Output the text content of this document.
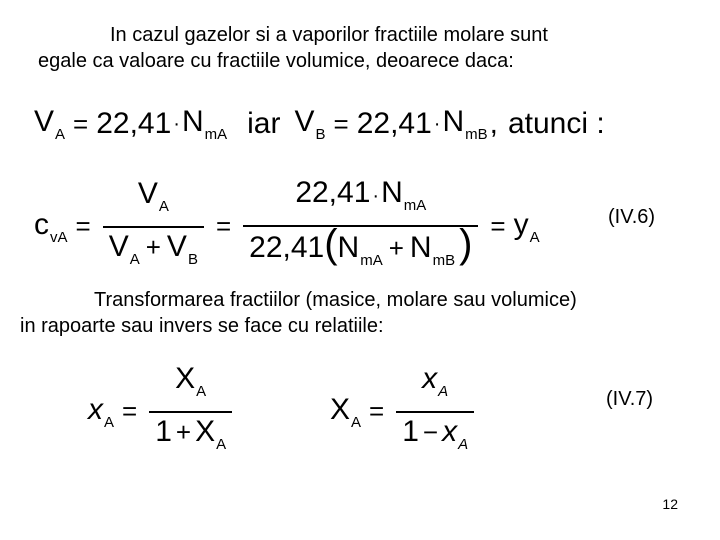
In cazul gazelor si a vaporilor fractiile molare sunt
egale ca valoare cu fractiile volumice, deoarece daca:

$V_A = 22,41 \cdot N_{mA}$ iar $V_B = 22,41 \cdot N_{mB}$ , atunci :
$c_{vA} = \frac{V_A}{V_A + V_B} = \frac{22,41 \cdot N_{mA}}{22,41(N_{mA} + N_{mB} )} = y_A$
(IV.6)

Transformarea fractiilor (masice, molare sau volumice)
in rapoarte sau invers se face cu relatiile:

$x_A = \frac{X_A}{1 + X_A}$	$X_A = \frac{x_A}{1 - x_A}$	(IV.7)
12
